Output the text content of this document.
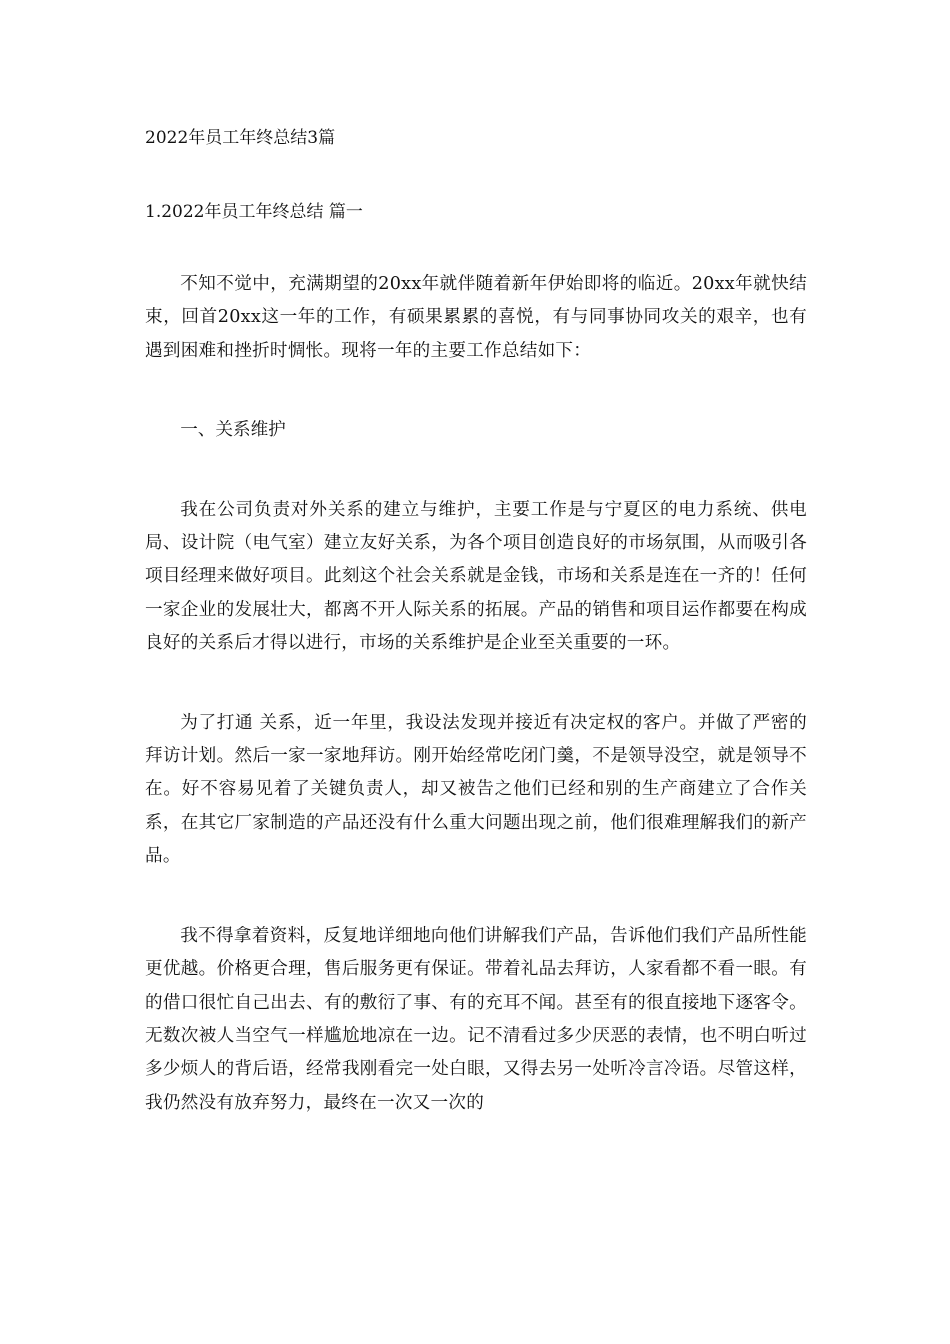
2022年员工年终总结3篇
1.2022年员工年终总结 篇一

不知不觉中，充满期望的20xx年就伴随着新年伊始即将的临近。20xx年就快结束，回首20xx这一年的工作，有硕果累累的喜悦，有与同事协同攻关的艰辛，也有遇到困难和挫折时惆怅。现将一年的主要工作总结如下：

一、关系维护

我在公司负责对外关系的建立与维护，主要工作是与宁夏区的电力系统、供电局、设计院（电气室）建立友好关系，为各个项目创造良好的市场氛围，从而吸引各项目经理来做好项目。此刻这个社会关系就是金钱，市场和关系是连在一齐的！任何一家企业的发展壮大，都离不开人际关系的拓展。产品的销售和项目运作都要在构成良好的关系后才得以进行，市场的关系维护是企业至关重要的一环。

为了打通 关系，近一年里，我设法发现并接近有决定权的客户。并做了严密的拜访计划。然后一家一家地拜访。刚开始经常吃闭门羹，不是领导没空，就是领导不在。好不容易见着了关键负责人，却又被告之他们已经和别的生产商建立了合作关系，在其它厂家制造的产品还没有什么重大问题出现之前，他们很难理解我们的新产品。

我不得拿着资料，反复地详细地向他们讲解我们产品，告诉他们我们产品所性能更优越。价格更合理，售后服务更有保证。带着礼品去拜访，人家看都不看一眼。有的借口很忙自己出去、有的敷衍了事、有的充耳不闻。甚至有的很直接地下逐客令。无数次被人当空气一样尴尬地凉在一边。记不清看过多少厌恶的表情，也不明白听过多少烦人的背后语，经常我刚看完一处白眼，又得去另一处听冷言冷语。尽管这样，我仍然没有放弃努力，最终在一次又一次的
